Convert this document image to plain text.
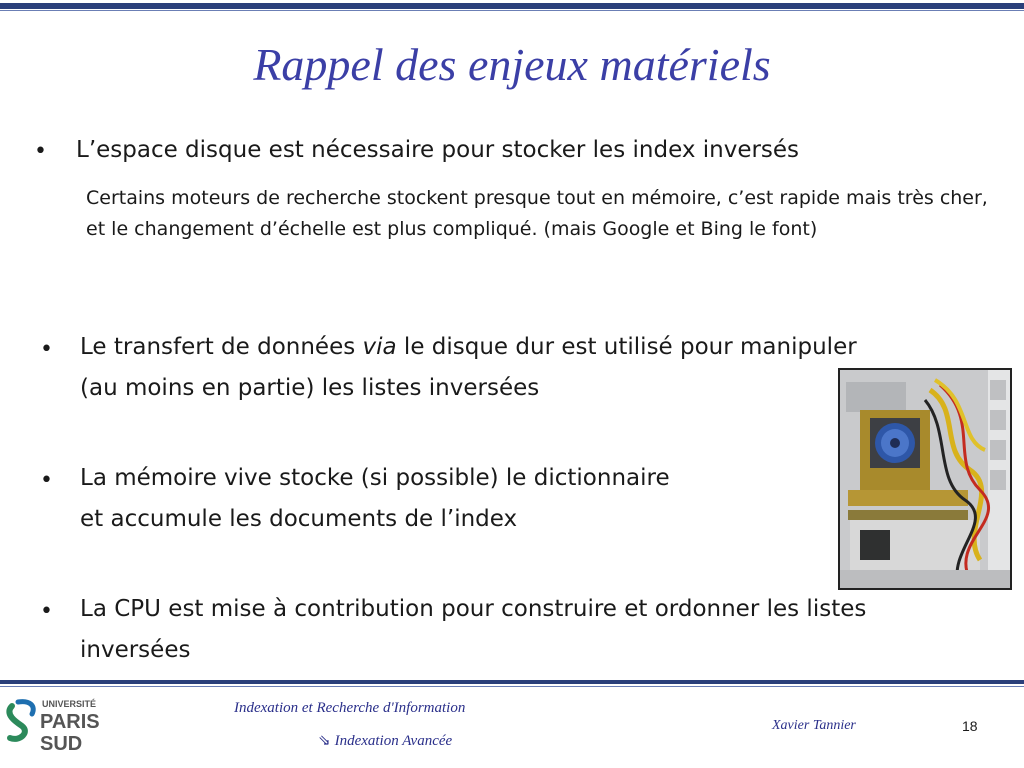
Rappel des enjeux matériels
• L’espace disque est nécessaire pour stocker les index inversés
Certains moteurs de recherche stockent presque tout en mémoire, c’est rapide mais très cher, et le changement d’échelle est plus compliqué. (mais Google et Bing le font)
• Le transfert de données via le disque dur est utilisé pour manipuler (au moins en partie) les listes inversées
• La mémoire vive stocke (si possible) le dictionnaire
et accumule les documents de l’index
• La CPU est mise à contribution pour construire et ordonner les listes inversées
UNIVERSITÉ
PARIS
SUD
Indexation et Recherche d'Information
⇘ Indexation Avancée
Xavier Tannier	18
